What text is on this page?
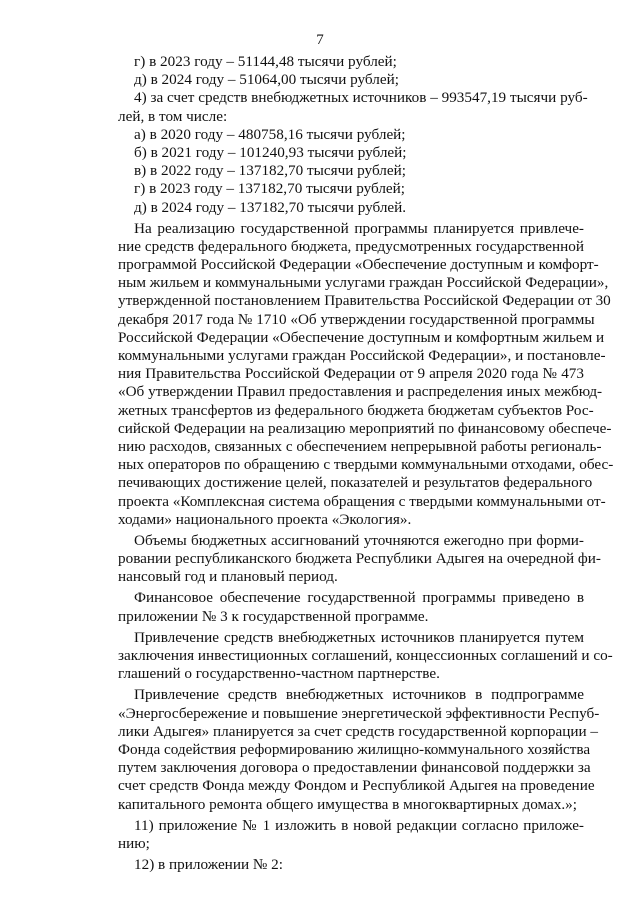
7
г) в 2023 году – 51144,48 тысячи рублей;
д) в 2024 году – 51064,00 тысячи рублей;
4) за счет средств внебюджетных источников – 993547,19 тысячи руб-
лей, в том числе:
а) в 2020 году – 480758,16 тысячи рублей;
б) в 2021 году – 101240,93 тысячи рублей;
в) в 2022 году – 137182,70 тысячи рублей;
г) в 2023 году – 137182,70 тысячи рублей;
д) в 2024 году – 137182,70 тысячи рублей.
На реализацию государственной программы планируется привлече-
ние средств федерального бюджета, предусмотренных государственной
программой Российской Федерации «Обеспечение доступным и комфорт-
ным жильем и коммунальными услугами граждан Российской Федерации»,
утвержденной постановлением Правительства Российской Федерации от 30
декабря 2017 года № 1710 «Об утверждении государственной программы
Российской Федерации «Обеспечение доступным и комфортным жильем и
коммунальными услугами граждан Российской Федерации», и постановле-
ния Правительства Российской Федерации от 9 апреля 2020 года № 473
«Об утверждении Правил предоставления и распределения иных межбюд-
жетных трансфертов из федерального бюджета бюджетам субъектов Рос-
сийской Федерации на реализацию мероприятий по финансовому обеспече-
нию расходов, связанных с обеспечением непрерывной работы региональ-
ных операторов по обращению с твердыми коммунальными отходами, обес-
печивающих достижение целей, показателей и результатов федерального
проекта «Комплексная система обращения с твердыми коммунальными от-
ходами» национального проекта «Экология».
Объемы бюджетных ассигнований уточняются ежегодно при форми-
ровании республиканского бюджета Республики Адыгея на очередной фи-
нансовый год и плановый период.
Финансовое обеспечение государственной программы приведено в
приложении № 3 к государственной программе.
Привлечение средств внебюджетных источников планируется путем
заключения инвестиционных соглашений, концессионных соглашений и со-
глашений о государственно-частном партнерстве.
Привлечение средств внебюджетных источников в подпрограмме
«Энергосбережение и повышение энергетической эффективности Респуб-
лики Адыгея» планируется за счет средств государственной корпорации –
Фонда содействия реформированию жилищно-коммунального хозяйства
путем заключения договора о предоставлении финансовой поддержки за
счет средств Фонда между Фондом и Республикой Адыгея на проведение
капитального ремонта общего имущества в многоквартирных домах.»;
11) приложение № 1 изложить в новой редакции согласно приложе-
нию;
12) в приложении № 2:
